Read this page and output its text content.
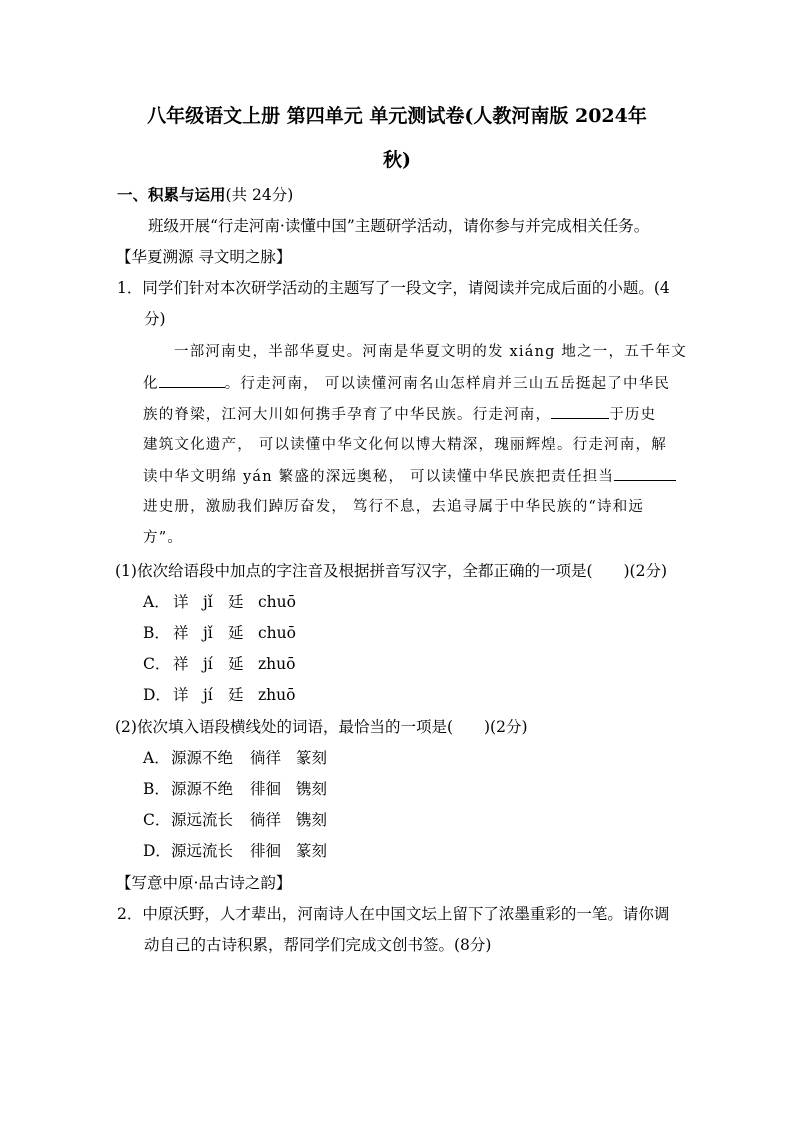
八年级语文上册 第四单元 单元测试卷(人教河南版 2024年
秋)
一、积累与运用(共 24分)
班级开展“行走河南·读懂中国”主题研学活动，请你参与并完成相关任务。
【华夏溯源 寻文明之脉】
1．同学们针对本次研学活动的主题写了一段文字，请阅读并完成后面的小题。(4
分)
一部河南史，半部华夏史。河南是华夏文明的发 xiáng 地之一，五千年文
化	。行走河南， 可以读懂河南名山怎样肩并三山五岳挺起了中华民
族的脊梁，江河大川如何携手孕育了中华民族。行走河南，	于历史
建筑文化遗产， 可以读懂中华文化何以博大精深，瑰丽辉煌。行走河南，解
读中华文明绵 yán 繁盛的深远奥秘， 可以读懂中华民族把责任担当
进史册，激励我们踔厉奋发， 笃行不息，去追寻属于中华民族的“诗和远
方”。
(1)依次给语段中加点的字注音及根据拼音写汉字，全都正确的一项是(　　)(2分)
A． 详 jǐ 廷 chuō
B． 祥 jǐ 延 chuō
C． 祥 jí 延 zhuō
D． 详 jí 廷 zhuō
(2)依次填入语段横线处的词语，最恰当的一项是(　　)(2分)
A．源源不绝 徜徉 篆刻
B．源源不绝 徘徊 镌刻
C．源远流长 徜徉 镌刻
D．源远流长 徘徊 篆刻
【写意中原·品古诗之韵】
2．中原沃野，人才辈出，河南诗人在中国文坛上留下了浓墨重彩的一笔。请你调
动自己的古诗积累，帮同学们完成文创书签。(8分)
